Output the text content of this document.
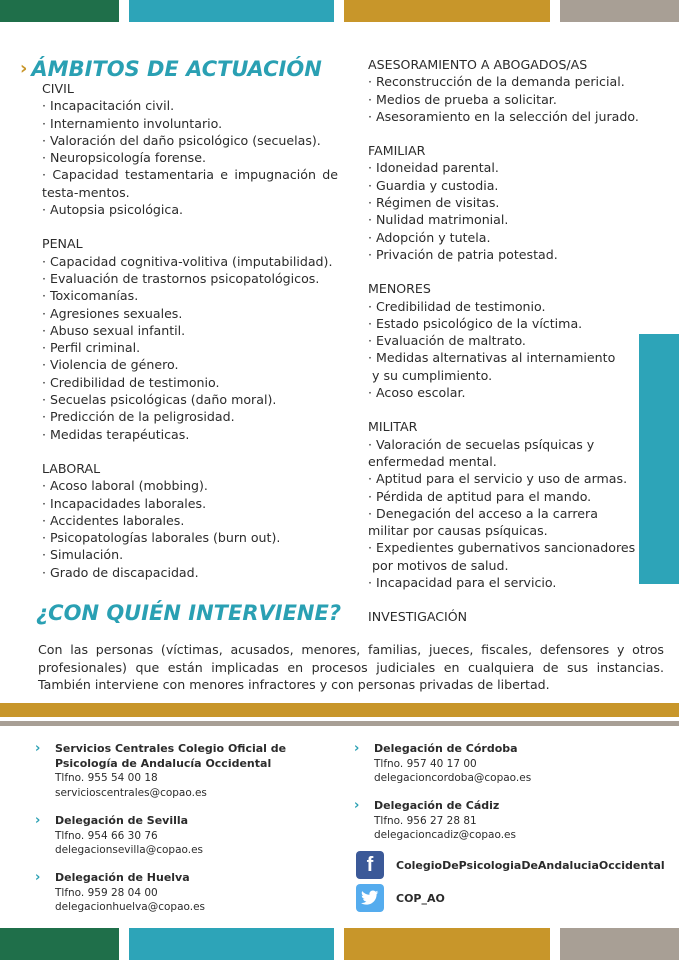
› ÁMBITOS DE ACTUACIÓN
CIVIL
· Incapacitación civil.
· Internamiento involuntario.
· Valoración del daño psicológico (secuelas).
· Neuropsicología forense.
· Capacidad testamentaria e impugnación de testa-mentos.
· Autopsia psicológica.
PENAL
· Capacidad cognitiva-volitiva (imputabilidad).
· Evaluación de trastornos psicopatológicos.
· Toxicomanías.
· Agresiones sexuales.
· Abuso sexual infantil.
· Perfil criminal.
· Violencia de género.
· Credibilidad de testimonio.
· Secuelas psicológicas (daño moral).
· Predicción de la peligrosidad.
· Medidas terapéuticas.
LABORAL
· Acoso laboral (mobbing).
· Incapacidades laborales.
· Accidentes laborales.
· Psicopatologías laborales (burn out).
· Simulación.
· Grado de discapacidad.
ASESORAMIENTO A ABOGADOS/AS
· Reconstrucción de la demanda pericial.
· Medios de prueba a solicitar.
· Asesoramiento en la selección del jurado.
FAMILIAR
· Idoneidad parental.
· Guardia y custodia.
· Régimen de visitas.
· Nulidad matrimonial.
· Adopción y tutela.
· Privación de patria potestad.
MENORES
· Credibilidad de testimonio.
· Estado psicológico de la víctima.
· Evaluación de maltrato.
· Medidas alternativas al internamiento
y su cumplimiento.
· Acoso escolar.
MILITAR
· Valoración de secuelas psíquicas y
enfermedad mental.
· Aptitud para el servicio y uso de armas.
· Pérdida de aptitud para el mando.
· Denegación del acceso a la carrera
militar por causas psíquicas.
· Expedientes gubernativos sancionadores
por motivos de salud.
· Incapacidad para el servicio.
INVESTIGACIÓN
¿CON QUIÉN INTERVIENE?
Con las personas (víctimas, acusados, menores, familias, jueces, fiscales, defensores y otros profesionales) que están implicadas en procesos judiciales en cualquiera de sus instancias. También interviene con menores infractores y con personas privadas de libertad.
› Servicios Centrales Colegio Oficial de Psicología de Andalucía Occidental
Tlfno. 955 54 00 18
servicioscentrales@copao.es
› Delegación de Sevilla
Tlfno. 954 66 30 76
delegacionsevilla@copao.es
› Delegación de Huelva
Tlfno. 959 28 04 00
delegacionhuelva@copao.es
› Delegación de Córdoba
Tlfno. 957 40 17 00
delegacioncordoba@copao.es
› Delegación de Cádiz
Tlfno. 956 27 28 81
delegacioncadiz@copao.es
f	ColegioDePsicologiaDeAndaluciaOccidental
COP_AO
